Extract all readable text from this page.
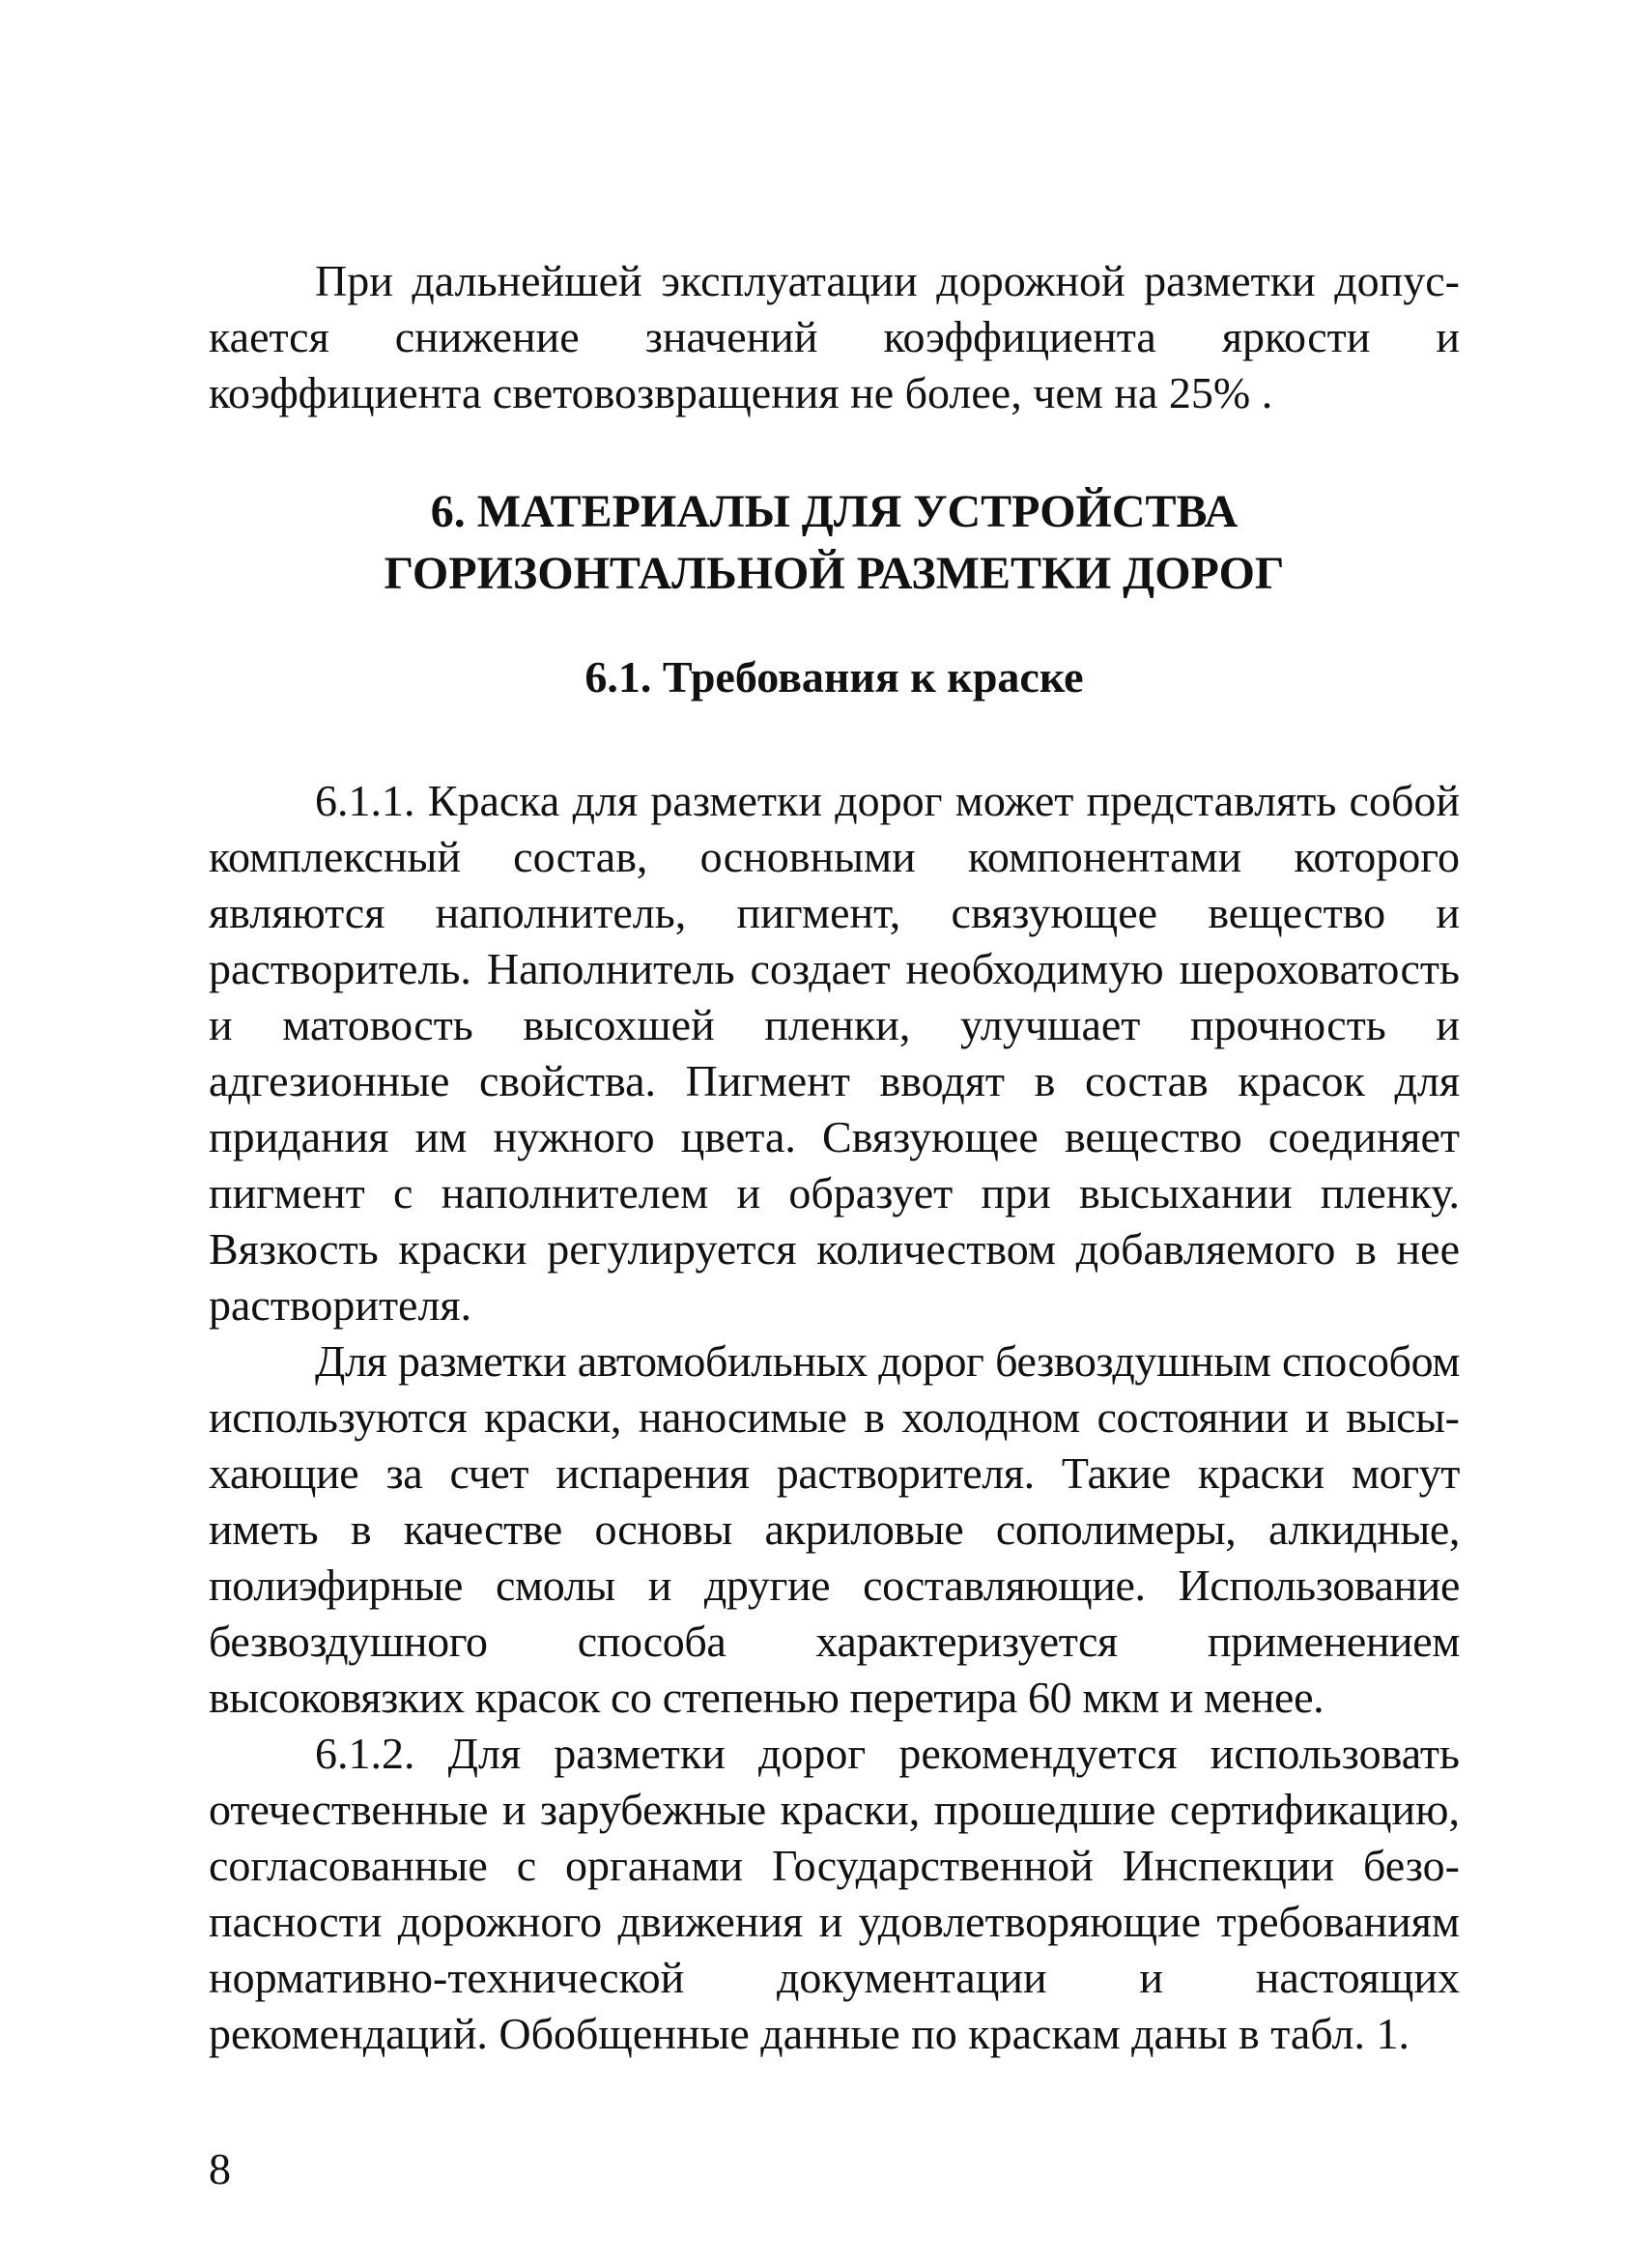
При дальнейшей эксплуатации дорожной разметки допускается снижение значений коэффициента яркости и коэффициента световозвращения не более, чем на 25% .

6. МАТЕРИАЛЫ ДЛЯ УСТРОЙСТВА ГОРИЗОНТАЛЬНОЙ РАЗМЕТКИ ДОРОГ
6.1. Требования к краске

6.1.1. Краска для разметки дорог может представлять собой комплексный состав, основными компонентами которого являются наполнитель, пигмент, связующее вещество и растворитель. Наполнитель создает необходимую шероховатость и матовость высохшей пленки, улучшает прочность и адгезионные свойства. Пигмент вводят в состав красок для придания им нужного цвета. Связующее вещество соединяет пигмент с наполнителем и образует при высыхании пленку. Вязкость краски регулируется количеством добавляемого в нее растворителя.

Для разметки автомобильных дорог безвоздушным способом используются краски, наносимые в холодном состоянии и высыхающие за счет испарения растворителя. Такие краски могут иметь в качестве основы акриловые сополимеры, алкидные, полиэфирные смолы и другие составляющие. Использование безвоздушного способа характеризуется применением высоковязких красок со степенью перетира 60 мкм и менее.

6.1.2. Для разметки дорог рекомендуется использовать отечественные и зарубежные краски, прошедшие сертификацию, согласованные с органами Государственной Инспекции безопасности дорожного движения и удовлетворяющие требованиям нормативно-технической документации и настоящих рекомендаций. Обобщенные данные по краскам даны в табл. 1.

8
